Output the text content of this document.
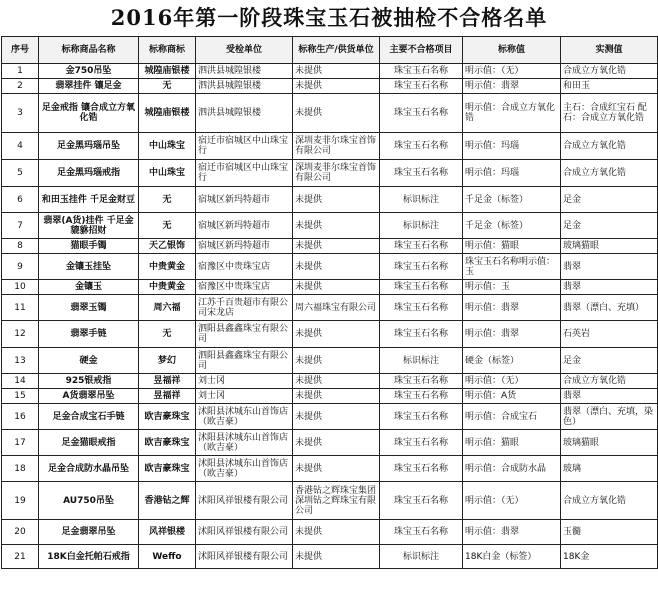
2016年第一阶段珠宝玉石被抽检不合格名单
序号	标称商品名称	标称商标	受检单位	标称生产/供货单位	主要不合格项目	标称值	实测值
1	金750吊坠	城隍庙银楼	泗洪县城隍银楼	未提供	珠宝玉石名称	明示值：（无）	合成立方氧化锆
2	翡翠挂件 镶足金	无	泗洪县城隍银楼	未提供	珠宝玉石名称	明示值：翡翠	和田玉
3	足金戒指 镶合成立方氧化锆	城隍庙银楼	泗洪县城隍银楼	未提供	珠宝玉石名称	明示值：合成立方氧化锆	主石：合成红宝石 配石：合成立方氧化锆
4	足金黑玛瑙吊坠	中山珠宝	宿迁市宿城区中山珠宝行	深圳麦菲尔珠宝首饰有限公司	珠宝玉石名称	明示值：玛瑙	合成立方氧化锆
5	足金黑玛瑙戒指	中山珠宝	宿迁市宿城区中山珠宝行	深圳麦菲尔珠宝首饰有限公司	珠宝玉石名称	明示值：玛瑙	合成立方氧化锆
6	和田玉挂件 千足金财豆	无	宿城区新玛特超市	未提供	标识标注	千足金（标签）	足金
7	翡翠(A货)挂件 千足金貔貅招财	无	宿城区新玛特超市	未提供	标识标注	千足金（标签）	足金
8	猫眼手镯	天乙银饰	宿城区新玛特超市	未提供	珠宝玉石名称	明示值：猫眼	玻璃猫眼
9	金镶玉挂坠	中贵黄金	宿豫区中贵珠宝店	未提供	珠宝玉石名称	珠宝玉石名称明示值：玉	翡翠
10	金镶玉	中贵黄金	宿豫区中贵珠宝店	未提供	珠宝玉石名称	明示值：玉	翡翠
11	翡翠玉镯	周六福	江苏千百贵超市有限公司宋龙店	周六福珠宝有限公司	珠宝玉石名称	明示值：翡翠	翡翠（漂白、充填）
12	翡翠手链	无	泗阳县鑫鑫珠宝有限公司	未提供	珠宝玉石名称	明示值：翡翠	石英岩
13	硬金	梦幻	泗阳县鑫鑫珠宝有限公司	未提供	标识标注	硬金（标签）	足金
14	925银戒指	昱福祥	刘士冈	未提供	珠宝玉石名称	明示值：（无）	合成立方氧化锆
15	A货翡翠吊坠	昱福祥	刘士冈	未提供	珠宝玉石名称	明示值：A货	翡翠
16	足金合成宝石手链	欧吉豪珠宝	沭阳县沭城东山首饰店（欧吉豪）	未提供	珠宝玉石名称	明示值：合成宝石	翡翠（漂白、充填，染色）
17	足金猫眼戒指	欧吉豪珠宝	沭阳县沭城东山首饰店（欧吉豪）	未提供	珠宝玉石名称	明示值：猫眼	玻璃猫眼
18	足金合成防水晶吊坠	欧吉豪珠宝	沭阳县沭城东山首饰店（欧吉豪）	未提供	珠宝玉石名称	明示值：合成防水晶	玻璃
19	AU750吊坠	香港钻之辉	沭阳风祥银楼有限公司	香港钻之辉珠宝集团深圳钻之辉珠宝有限公司	珠宝玉石名称	明示值：（无）	合成立方氧化锆
20	足金翡翠吊坠	风祥银楼	沭阳风祥银楼有限公司	未提供	珠宝玉石名称	明示值：翡翠	玉髓
21	18K白金托帕石戒指	Weffo	沭阳风祥银楼有限公司	未提供	标识标注	18K白金（标签）	18K金
